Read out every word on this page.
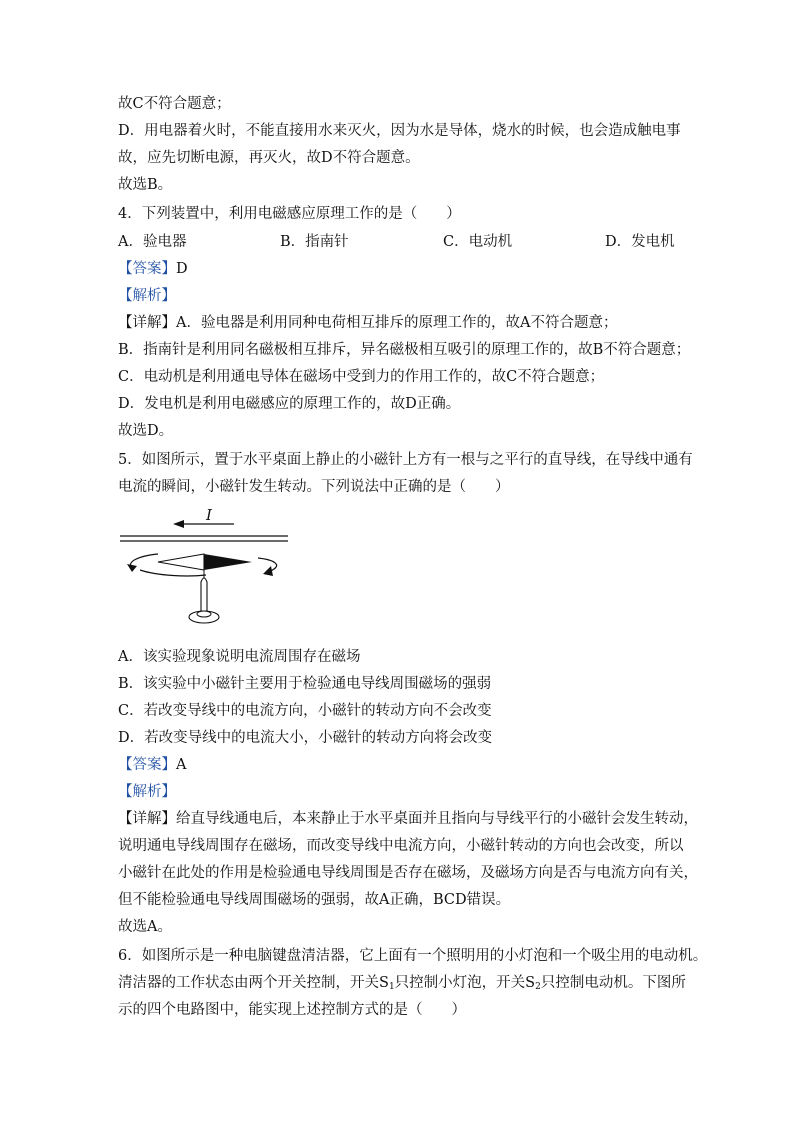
故C不符合题意；
D．用电器着火时，不能直接用水来灭火，因为水是导体，烧水的时候，也会造成触电事
故，应先切断电源，再灭火，故D不符合题意。
故选B。
4．下列装置中，利用电磁感应原理工作的是（　　）
A．验电器	B．指南针	C．电动机	D．发电机
【答案】D
【解析】
【详解】A．验电器是利用同种电荷相互排斥的原理工作的，故A不符合题意；
B．指南针是利用同名磁极相互排斥，异名磁极相互吸引的原理工作的，故B不符合题意；
C．电动机是利用通电导体在磁场中受到力的作用工作的，故C不符合题意；
D．发电机是利用电磁感应的原理工作的，故D正确。
故选D。
5．如图所示，置于水平桌面上静止的小磁针上方有一根与之平行的直导线，在导线中通有
电流的瞬间，小磁针发生转动。下列说法中正确的是（　　）
I
A．该实验现象说明电流周围存在磁场
B．该实验中小磁针主要用于检验通电导线周围磁场的强弱
C．若改变导线中的电流方向，小磁针的转动方向不会改变
D．若改变导线中的电流大小，小磁针的转动方向将会改变
【答案】A
【解析】
【详解】给直导线通电后，本来静止于水平桌面并且指向与导线平行的小磁针会发生转动，
说明通电导线周围存在磁场，而改变导线中电流方向，小磁针转动的方向也会改变，所以
小磁针在此处的作用是检验通电导线周围是否存在磁场，及磁场方向是否与电流方向有关，
但不能检验通电导线周围磁场的强弱，故A正确，BCD错误。
故选A。
6．如图所示是一种电脑键盘清洁器，它上面有一个照明用的小灯泡和一个吸尘用的电动机。
清洁器的工作状态由两个开关控制，开关$S_1$只控制小灯泡，开关$S_2$只控制电动机。下图所
示的四个电路图中，能实现上述控制方式的是（　　）
